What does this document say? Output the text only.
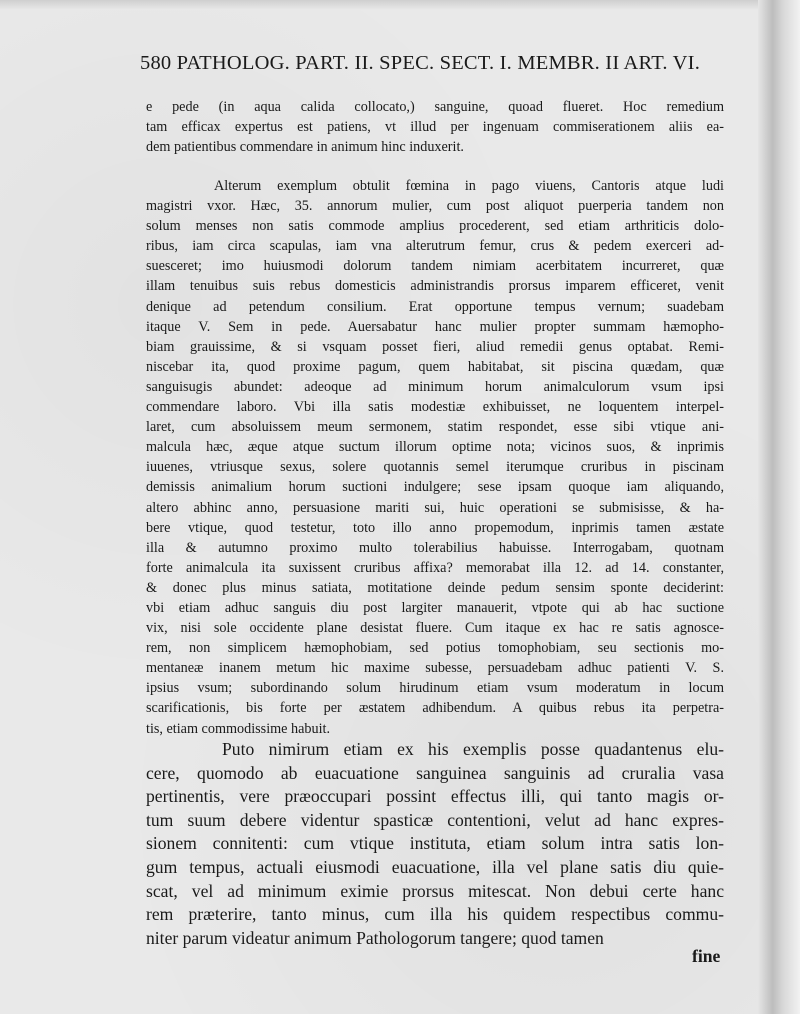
580 PATHOLOG. PART. II. SPEC. SECT. I. MEMBR. II ART. VI.
e pede (in aqua calida collocato,) sanguine, quoad flueret. Hoc remedium
tam efficax expertus est patiens, vt illud per ingenuam commiserationem aliis ea-
dem patientibus commendare in animum hinc induxerit.
Alterum exemplum obtulit fœmina in pago viuens, Cantoris atque ludi
magistri vxor. Hæc, 35. annorum mulier, cum post aliquot puerperia tandem non
solum menses non satis commode amplius procederent, sed etiam arthriticis dolo-
ribus, iam circa scapulas, iam vna alterutrum femur, crus & pedem exerceri ad-
suesceret; imo huiusmodi dolorum tandem nimiam acerbitatem incurreret, quæ
illam tenuibus suis rebus domesticis administrandis prorsus imparem efficeret, venit
denique ad petendum consilium. Erat opportune tempus vernum; suadebam
itaque V. Sem in pede. Auersabatur hanc mulier propter summam hæmopho-
biam grauissime, & si vsquam posset fieri, aliud remedii genus optabat. Remi-
niscebar ita, quod proxime pagum, quem habitabat, sit piscina quædam, quæ
sanguisugis abundet: adeoque ad minimum horum animalculorum vsum ipsi
commendare laboro. Vbi illa satis modestiæ exhibuisset, ne loquentem interpel-
laret, cum absoluissem meum sermonem, statim respondet, esse sibi vtique ani-
malcula hæc, æque atque suctum illorum optime nota; vicinos suos, & inprimis
iuuenes, vtriusque sexus, solere quotannis semel iterumque cruribus in piscinam
demissis animalium horum suctioni indulgere; sese ipsam quoque iam aliquando,
altero abhinc anno, persuasione mariti sui, huic operationi se submisisse, & ha-
bere vtique, quod testetur, toto illo anno propemodum, inprimis tamen æstate
illa & autumno proximo multo tolerabilius habuisse. Interrogabam, quotnam
forte animalcula ita suxissent cruribus affixa? memorabat illa 12. ad 14. constanter,
& donec plus minus satiata, motitatione deinde pedum sensim sponte deciderint:
vbi etiam adhuc sanguis diu post largiter manauerit, vtpote qui ab hac suctione
vix, nisi sole occidente plane desistat fluere. Cum itaque ex hac re satis agnosce-
rem, non simplicem hæmophobiam, sed potius tomophobiam, seu sectionis mo-
mentaneæ inanem metum hic maxime subesse, persuadebam adhuc patienti V. S.
ipsius vsum; subordinando solum hirudinum etiam vsum moderatum in locum
scarificationis, bis forte per æstatem adhibendum. A quibus rebus ita perpetra-
tis, etiam commodissime habuit.
Puto nimirum etiam ex his exemplis posse quadantenus elu-
cere, quomodo ab euacuatione sanguinea sanguinis ad cruralia vasa
pertinentis, vere præoccupari possint effectus illi, qui tanto magis or-
tum suum debere videntur spasticæ contentioni, velut ad hanc expres-
sionem connitenti: cum vtique instituta, etiam solum intra satis lon-
gum tempus, actuali eiusmodi euacuatione, illa vel plane satis diu quie-
scat, vel ad minimum eximie prorsus mitescat. Non debui certe hanc
rem præterire, tanto minus, cum illa his quidem respectibus commu-
niter parum videatur animum Pathologorum tangere; quod tamen
fine
